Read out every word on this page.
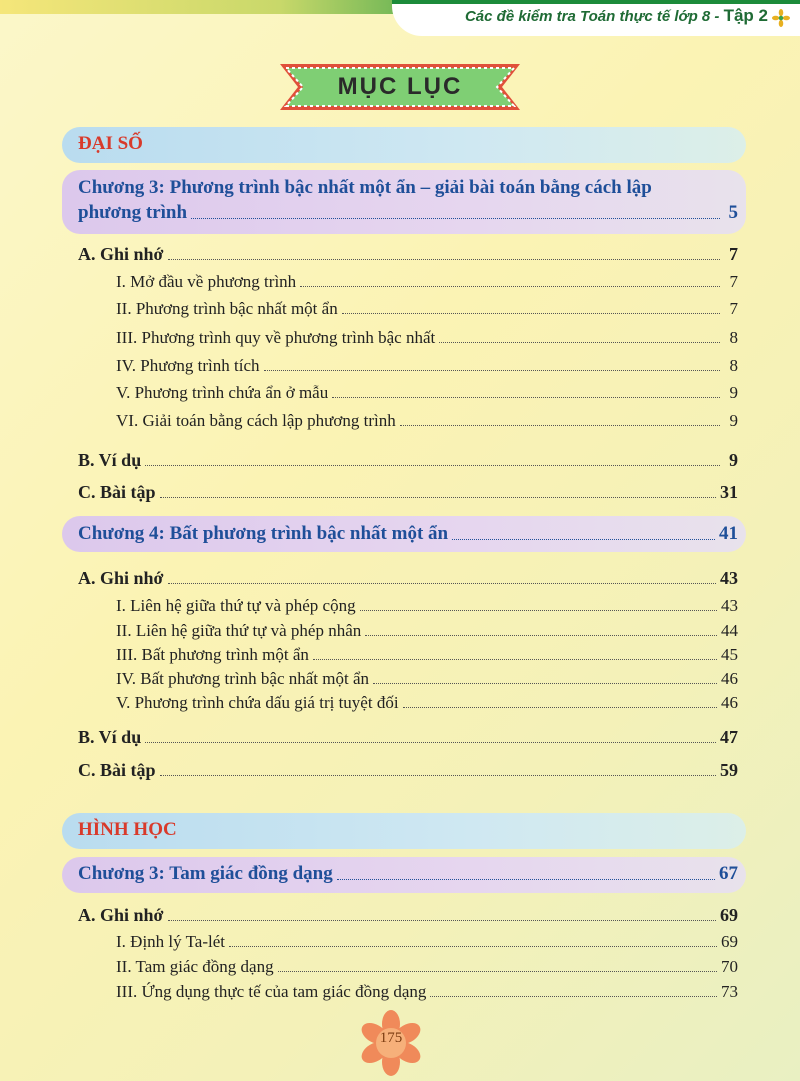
Các đề kiểm tra Toán thực tế lớp 8 - Tập 2
MỤC LỤC
ĐẠI SỐ
Chương 3: Phương trình bậc nhất một ẩn – giải bài toán bằng cách lập
phương trình	5
A. Ghi nhớ	7
I. Mở đầu về phương trình	7
II. Phương trình bậc nhất một ẩn	7
III. Phương trình quy về phương trình bậc nhất	8
IV. Phương trình tích	8
V. Phương trình chứa ẩn ở mẫu	9
VI. Giải toán bằng cách lập phương trình	9
B. Ví dụ	9
C. Bài tập	31
Chương 4: Bất phương trình bậc nhất một ẩn	41
A. Ghi nhớ	43
I. Liên hệ giữa thứ tự và phép cộng	43
II. Liên hệ giữa thứ tự và phép nhân	44
III. Bất phương trình một ẩn	45
IV. Bất phương trình bậc nhất một ẩn	46
V. Phương trình chứa dấu giá trị tuyệt đối	46
B. Ví dụ	47
C. Bài tập	59
HÌNH HỌC
Chương 3: Tam giác đồng dạng	67
A. Ghi nhớ	69
I. Định lý Ta-lét	69
II. Tam giác đồng dạng	70
III. Ứng dụng thực tế của tam giác đồng dạng	73
175
